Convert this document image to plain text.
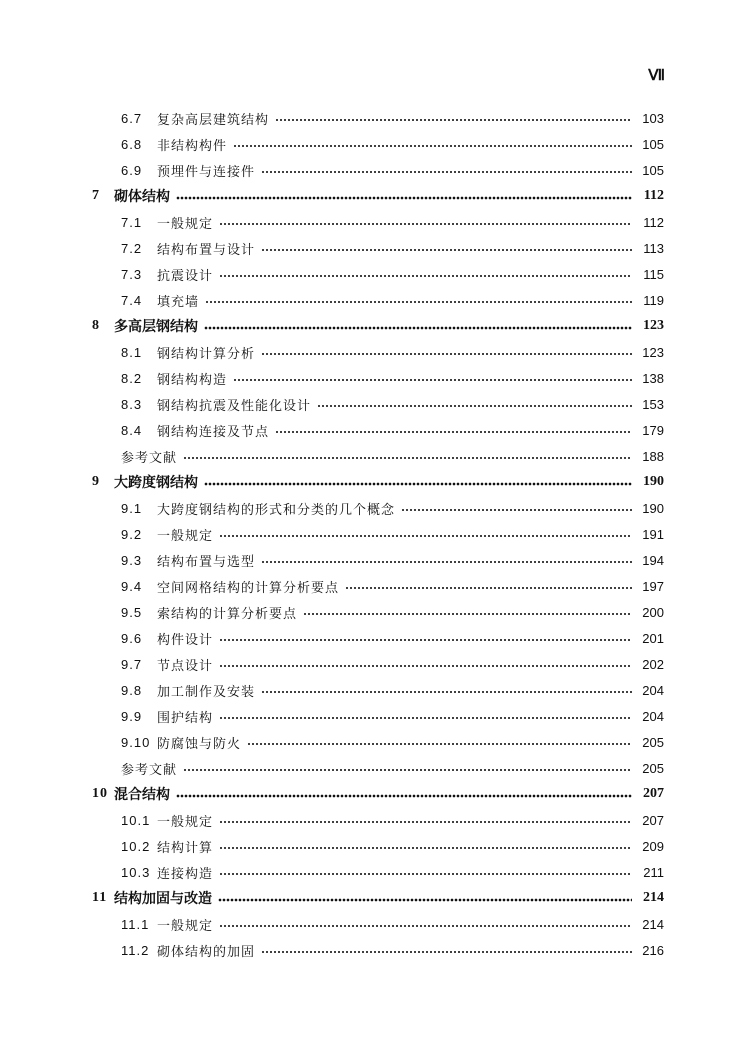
Ⅶ
6.7	复杂高层建筑结构	103
6.8	非结构构件	105
6.9	预埋件与连接件	105
7	砌体结构	112
7.1	一般规定	112
7.2	结构布置与设计	113
7.3	抗震设计	115
7.4	填充墙	119
8	多高层钢结构	123
8.1	钢结构计算分析	123
8.2	钢结构构造	138
8.3	钢结构抗震及性能化设计	153
8.4	钢结构连接及节点	179
参考文献	188
9	大跨度钢结构	190
9.1	大跨度钢结构的形式和分类的几个概念	190
9.2	一般规定	191
9.3	结构布置与选型	194
9.4	空间网格结构的计算分析要点	197
9.5	索结构的计算分析要点	200
9.6	构件设计	201
9.7	节点设计	202
9.8	加工制作及安装	204
9.9	围护结构	204
9.10 防腐蚀与防火	205
参考文献	205
10 混合结构	207
10.1 一般规定	207
10.2 结构计算	209
10.3 连接构造	211
11 结构加固与改造	214
11.1 一般规定	214
11.2 砌体结构的加固	216
